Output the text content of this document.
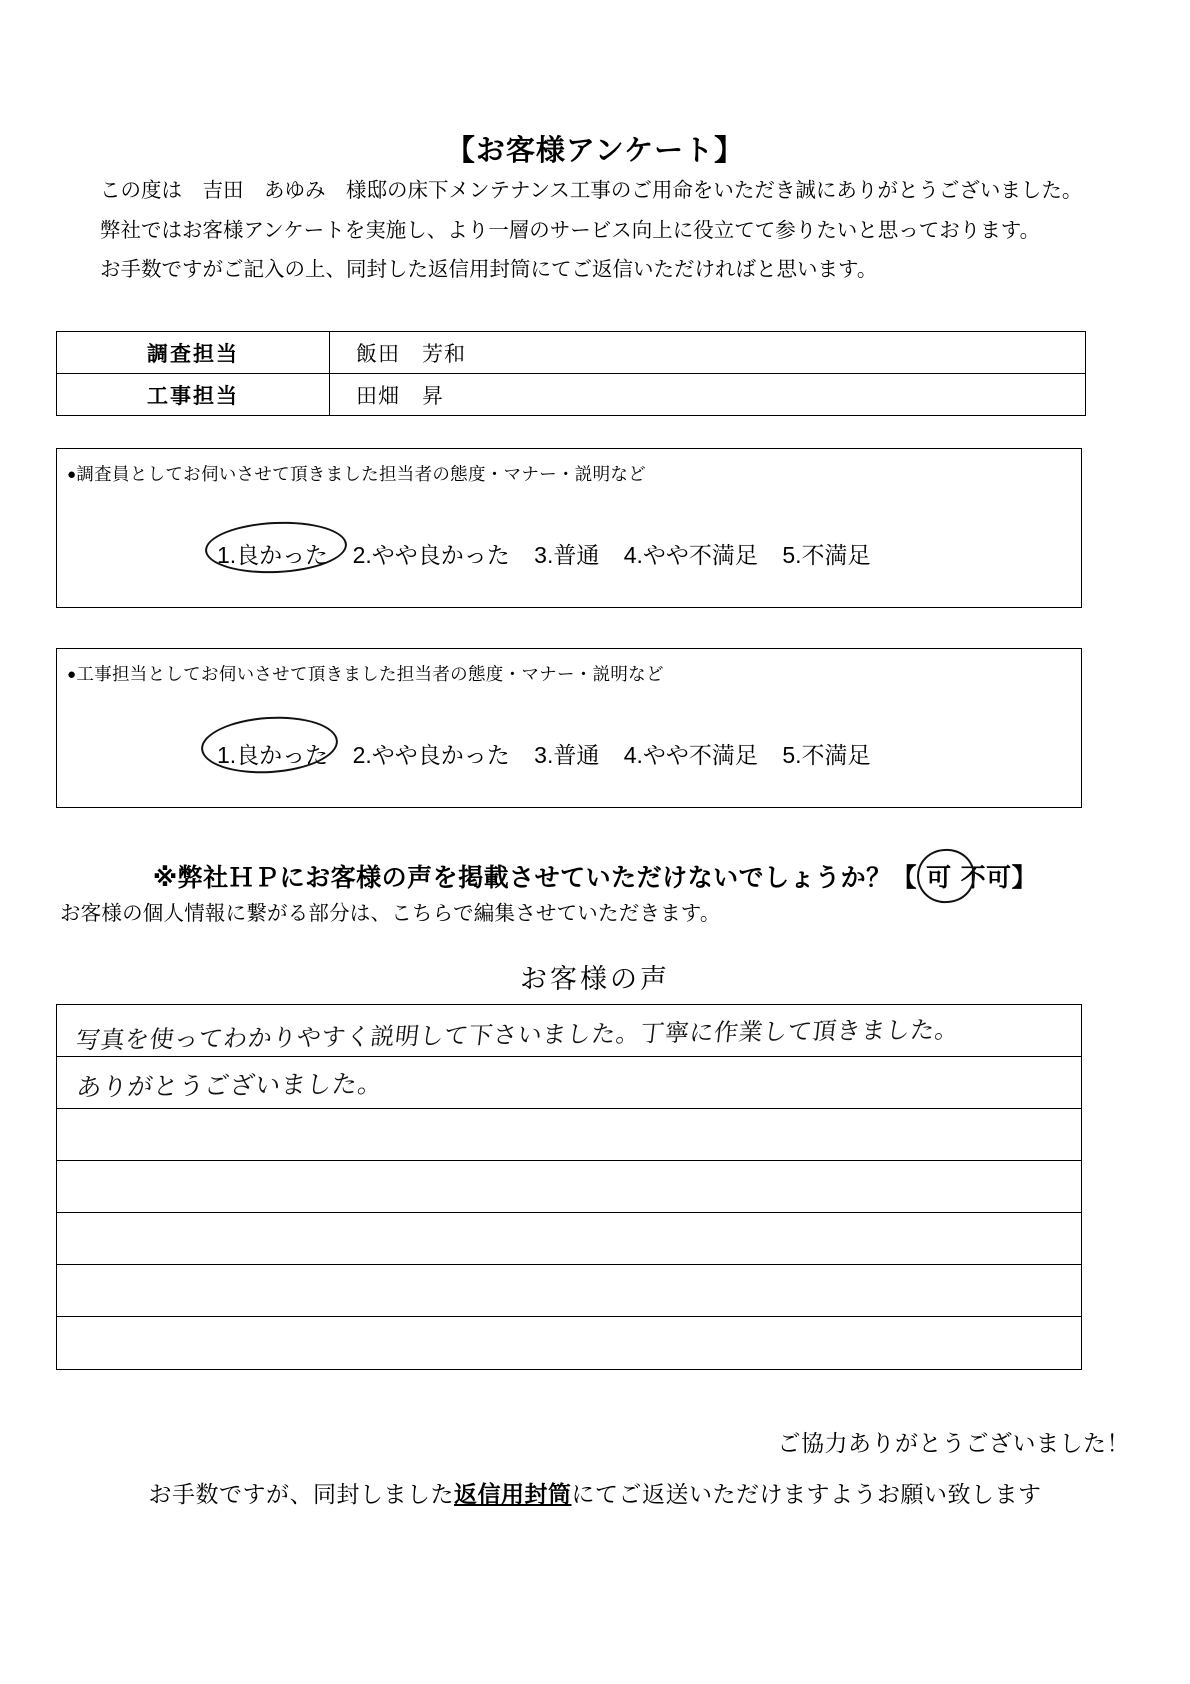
【お客様アンケート】

この度は　吉田　あゆみ　様邸の床下メンテナンス工事のご用命をいただき誠にありがとうございました。

弊社ではお客様アンケートを実施し、より一層のサービス向上に役立てて参りたいと思っております。

お手数ですがご記入の上、同封した返信用封筒にてご返信いただければと思います。

調査担当	飯田　芳和
工事担当	田畑　昇
●調査員としてお伺いさせて頂きました担当者の態度・マナー・説明など
1.良かった 2.やや良かった 3.普通 4.やや不満足 5.不満足
●工事担当としてお伺いさせて頂きました担当者の態度・マナー・説明など
1.良かった 2.やや良かった 3.普通 4.やや不満足 5.不満足
※弊社ＨＰにお客様の声を掲載させていただけないでしょうか？【 可 不可】
お客様の個人情報に繋がる部分は、こちらで編集させていただきます。
お客様の声
写真を使ってわかりやすく説明して下さいました。丁寧に作業して頂きました。
ありがとうございました。
ご協力ありがとうございました！
お手数ですが、同封しました返信用封筒にてご返送いただけますようお願い致します
